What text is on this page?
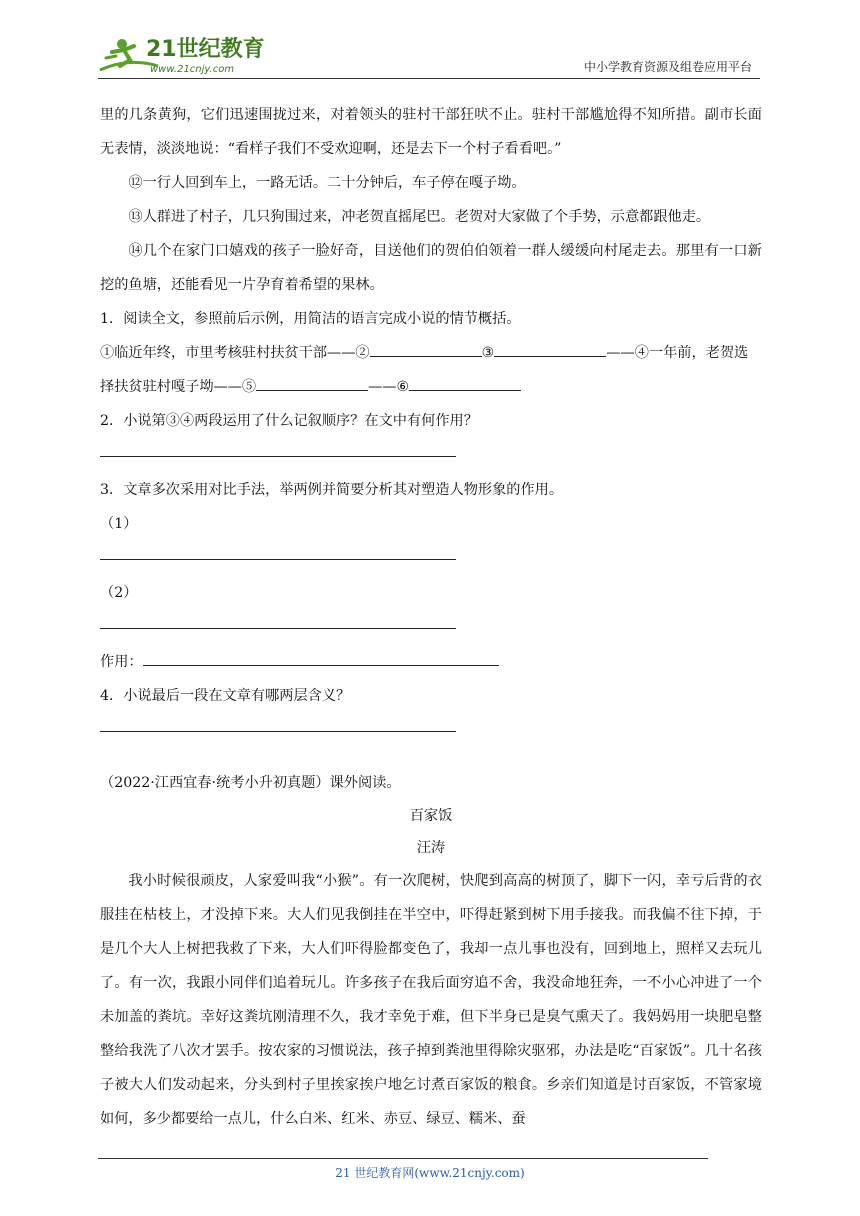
21世纪教育
www.21cnjy.com	中小学教育资源及组卷应用平台

里的几条黄狗，它们迅速围拢过来，对着领头的驻村干部狂吠不止。驻村干部尴尬得不知所措。副市长面无表情，淡淡地说：“看样子我们不受欢迎啊，还是去下一个村子看看吧。”

⑫一行人回到车上，一路无话。二十分钟后，车子停在嘎子坳。

⑬人群进了村子，几只狗围过来，冲老贺直摇尾巴。老贺对大家做了个手势，示意都跟他走。

⑭几个在家门口嬉戏的孩子一脸好奇，目送他们的贺伯伯领着一群人缓缓向村尾走去。那里有一口新挖的鱼塘，还能看见一片孕育着希望的果林。

1．阅读全文，参照前后示例，用简洁的语言完成小说的情节概括。

①临近年终，市里考核驻村扶贫干部——②	③	——④一年前，老贺选择扶贫驻村嘎子坳——⑤	——⑥

2．小说第③④两段运用了什么记叙顺序？在文中有何作用？

3．文章多次采用对比手法，举两例并简要分析其对塑造人物形象的作用。

（1）

（2）

作用：

4．小说最后一段在文章有哪两层含义？

（2022·江西宜春·统考小升初真题）课外阅读。

百家饭

汪涛

我小时候很顽皮，人家爱叫我“小猴”。有一次爬树，快爬到高高的树顶了，脚下一闪，幸亏后背的衣服挂在枯枝上，才没掉下来。大人们见我倒挂在半空中，吓得赶紧到树下用手接我。而我偏不往下掉，于是几个大人上树把我救了下来，大人们吓得脸都变色了，我却一点儿事也没有，回到地上，照样又去玩儿了。有一次，我跟小同伴们追着玩儿。许多孩子在我后面穷追不舍，我没命地狂奔，一不小心冲进了一个未加盖的粪坑。幸好这粪坑刚清理不久，我才幸免于难，但下半身已是臭气熏天了。我妈妈用一块肥皂整整给我洗了八次才罢手。按农家的习惯说法，孩子掉到粪池里得除灾驱邪，办法是吃“百家饭”。几十名孩子被大人们发动起来，分头到村子里挨家挨户地乞讨煮百家饭的粮食。乡亲们知道是讨百家饭，不管家境如何，多少都要给一点儿，什么白米、红米、赤豆、绿豆、糯米、蚕

21 世纪教育网(www.21cnjy.com)
